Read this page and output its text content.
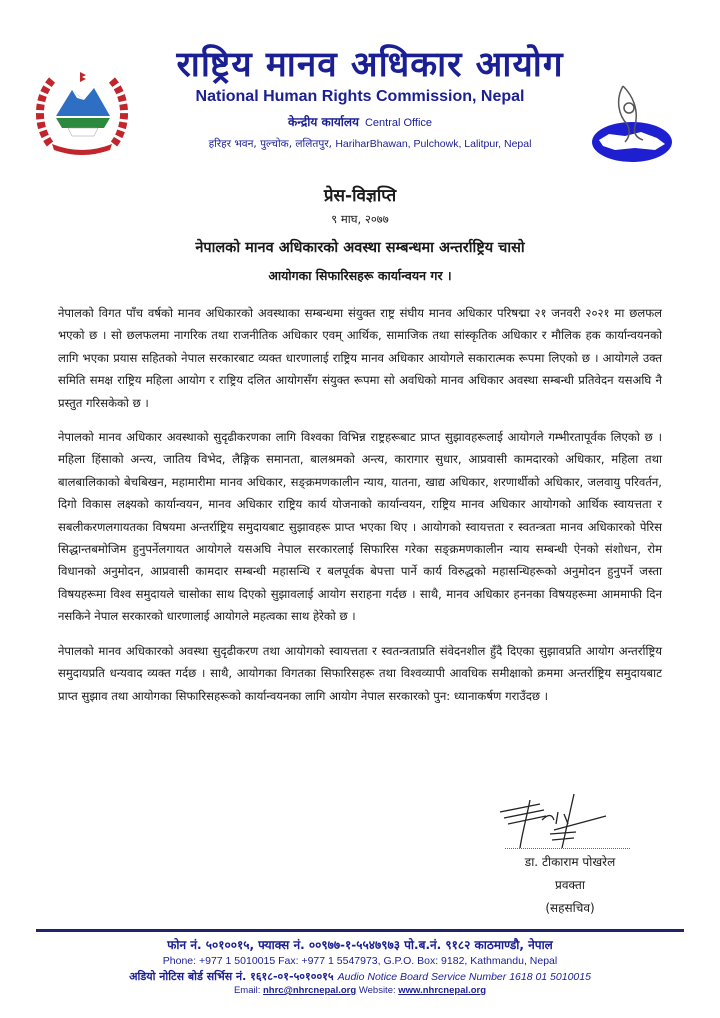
राष्ट्रिय मानव अधिकार आयोग
National Human Rights Commission, Nepal
केन्द्रीय कार्यालय Central Office
हरिहर भवन, पुल्चोक, ललितपुर, HariharBhawan, Pulchowk, Lalitpur, Nepal
प्रेस-विज्ञप्ति
९ माघ, २०७७
नेपालको मानव अधिकारको अवस्था सम्बन्धमा अन्तर्राष्ट्रिय चासो
आयोगका सिफारिसहरू कार्यान्वयन गर ।

नेपालको विगत पाँच वर्षको मानव अधिकारको अवस्थाका सम्बन्धमा संयुक्त राष्ट्र संघीय मानव अधिकार परिषद्मा २१ जनवरी २०२१ मा छलफल भएको छ । सो छलफलमा नागरिक तथा राजनीतिक अधिकार एवम् आर्थिक, सामाजिक तथा सांस्कृतिक अधिकार र मौलिक हक कार्यान्वयनको लागि भएका प्रयास सहितको नेपाल सरकारबाट व्यक्त धारणालाई राष्ट्रिय मानव अधिकार आयोगले सकारात्मक रूपमा लिएको छ । आयोगले उक्त समिति समक्ष राष्ट्रिय महिला आयोग र राष्ट्रिय दलित आयोगसँग संयुक्त रूपमा सो अवधिको मानव अधिकार अवस्था सम्बन्धी प्रतिवेदन यसअघि नै प्रस्तुत गरिसकेको छ ।

नेपालको मानव अधिकार अवस्थाको सुदृढीकरणका लागि विश्वका विभिन्न राष्ट्रहरूबाट प्राप्त सुझावहरूलाई आयोगले गम्भीरतापूर्वक लिएको छ । महिला हिंसाको अन्त्य, जातिय विभेद, लैङ्गिक समानता, बालश्रमको अन्त्य, कारागार सुधार, आप्रवासी कामदारको अधिकार, महिला तथा बालबालिकाको बेचबिखन, महामारीमा मानव अधिकार, सङ्क्रमणकालीन न्याय, यातना, खाद्य अधिकार, शरणार्थीको अधिकार, जलवायु परिवर्तन, दिगो विकास लक्ष्यको कार्यान्वयन, मानव अधिकार राष्ट्रिय कार्य योजनाको कार्यान्वयन, राष्ट्रिय मानव अधिकार आयोगको आर्थिक स्वायत्तता र सबलीकरणलगायतका विषयमा अन्तर्राष्ट्रिय समुदायबाट सुझावहरू प्राप्त भएका थिए । आयोगको स्वायत्तता र स्वतन्त्रता मानव अधिकारको पेरिस सिद्धान्तबमोजिम हुनुपर्नेलगायत आयोगले यसअघि नेपाल सरकारलाई सिफारिस गरेका सङ्क्रमणकालीन न्याय सम्बन्धी ऐनको संशोधन, रोम विधानको अनुमोदन, आप्रवासी कामदार सम्बन्धी महासन्धि र बलपूर्वक बेपत्ता पार्ने कार्य विरुद्धको महासन्धिहरूको अनुमोदन हुनुपर्ने जस्ता विषयहरूमा विश्व समुदायले चासोका साथ दिएको सुझावलाई आयोग सराहना गर्दछ । साथै, मानव अधिकार हननका विषयहरूमा आममाफी दिन नसकिने नेपाल सरकारको धारणालाई आयोगले महत्वका साथ हेरेको छ ।

नेपालको मानव अधिकारको अवस्था सुदृढीकरण तथा आयोगको स्वायत्तता र स्वतन्त्रताप्रति संवेदनशील हुँदै दिएका सुझावप्रति आयोग अन्तर्राष्ट्रिय समुदायप्रति धन्यवाद व्यक्त गर्दछ । साथै, आयोगका विगतका सिफारिसहरू तथा विश्वव्यापी आवधिक समीक्षाको क्रममा अन्तर्राष्ट्रिय समुदायबाट प्राप्त सुझाव तथा आयोगका सिफारिसहरूको कार्यान्वयनका लागि आयोग नेपाल सरकारको पुन: ध्यानाकर्षण गराउँदछ ।

डा. टीकाराम पोखरेल
प्रवक्ता
(सहसचिव)
फोन नं. ५०१००१५, फ्याक्स नं. ००९७७-१-५५४७९७३ पो.ब.नं. ९१८२ काठमाण्डौ, नेपाल
Phone: +977 1 5010015 Fax: +977 1 5547973, G.P.O. Box: 9182, Kathmandu, Nepal
अडियो नोटिस बोर्ड सर्भिस नं. १६१८-०१-५०१००१५ Audio Notice Board Service Number 1618 01 5010015
Email: nhrc@nhrcnepal.org Website: www.nhrcnepal.org
